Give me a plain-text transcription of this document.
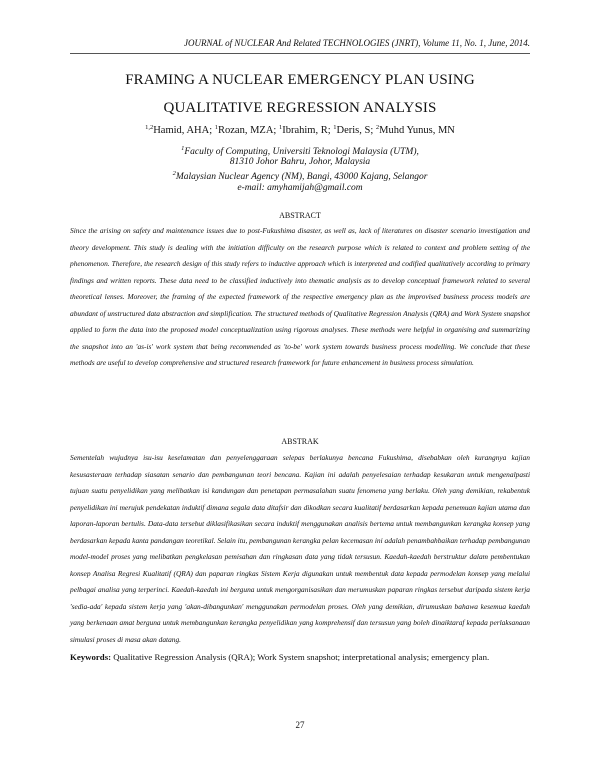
JOURNAL of NUCLEAR And Related TECHNOLOGIES (JNRT), Volume 11, No. 1, June, 2014.
FRAMING A NUCLEAR EMERGENCY PLAN USING
QUALITATIVE REGRESSION ANALYSIS
$^{1,2}$Hamid, AHA; $^1$Rozan, MZA; $^1$Ibrahim, R; $^1$Deris, S; $^2$Muhd Yunus, MN
$^1$Faculty of Computing, Universiti Teknologi Malaysia (UTM),
81310 Johor Bahru, Johor, Malaysia
$^2$Malaysian Nuclear Agency (NM), Bangi, 43000 Kajang, Selangor
e-mail: amyhamijah@gmail.com
ABSTRACT
Since the arising on safety and maintenance issues due to post-Fukushima disaster, as well as, lack of literatures on disaster scenario investigation and theory development. This study is dealing with the initiation difficulty on the research purpose which is related to context and problem setting of the phenomenon. Therefore, the research design of this study refers to inductive approach which is interpreted and codified qualitatively according to primary findings and written reports. These data need to be classified inductively into thematic analysis as to develop conceptual framework related to several theoretical lenses. Moreover, the framing of the expected framework of the respective emergency plan as the improvised business process models are abundant of unstructured data abstraction and simplification. The structured methods of Qualitative Regression Analysis (QRA) and Work System snapshot applied to form the data into the proposed model conceptualization using rigorous analyses. These methods were helpful in organising and summarizing the snapshot into an 'as-is' work system that being recommended as 'to-be' work system towards business process modelling. We conclude that these methods are useful to develop comprehensive and structured research framework for future enhancement in business process simulation.
ABSTRAK
Sementelah wujudnya isu-isu keselamatan dan penyelenggaraan selepas berlakunya bencana Fukushima, disebabkan oleh kurangnya kajian kesusasteraan terhadap siasatan senario dan pembangunan teori bencana. Kajian ini adalah penyelesaian terhadap kesukaran untuk mengenalpasti tujuan suatu penyelidikan yang melibatkan isi kandungan dan penetapan permasalahan suatu fenomena yang berlaku. Oleh yang demikian, rekabentuk penyelidikan ini merujuk pendekatan induktif dimana segala data ditafsir dan dikodkan secara kualitatif berdasarkan kepada penemuan kajian utama dan laporan-laporan bertulis. Data-data tersebut diklasifikasikan secara induktif menggunakan analisis bertema untuk membangunkan kerangka konsep yang berdasarkan kepada kanta pandangan teoretikal. Selain itu, pembangunan kerangka pelan kecemasan ini adalah penambahbaikan terhadap pembangunan model-model proses yang melibatkan pengkelasan pemisahan dan ringkasan data yang tidak tersusun. Kaedah-kaedah berstruktur dalam pembentukan konsep Analisa Regresi Kualitatif (QRA) dan paparan ringkas Sistem Kerja digunakan untuk membentuk data kepada permodelan konsep yang melalui pelbagai analisa yang terperinci. Kaedah-kaedah ini berguna untuk mengorganisasikan dan merumuskan paparan ringkas tersebut daripada sistem kerja 'sedia-ada' kepada sistem kerja yang 'akan-dibangunkan' menggunakan permodelan proses. Oleh yang demikian, dirumuskan bahawa kesemua kaedah yang berkenaan amat berguna untuk membangunkan kerangka penyelidikan yang komprehensif dan tersusun yang boleh dinaiktaraf kepada perlaksanaan simulasi proses di masa akan datang.
Keywords: Qualitative Regression Analysis (QRA); Work System snapshot; interpretational analysis; emergency plan.
27
